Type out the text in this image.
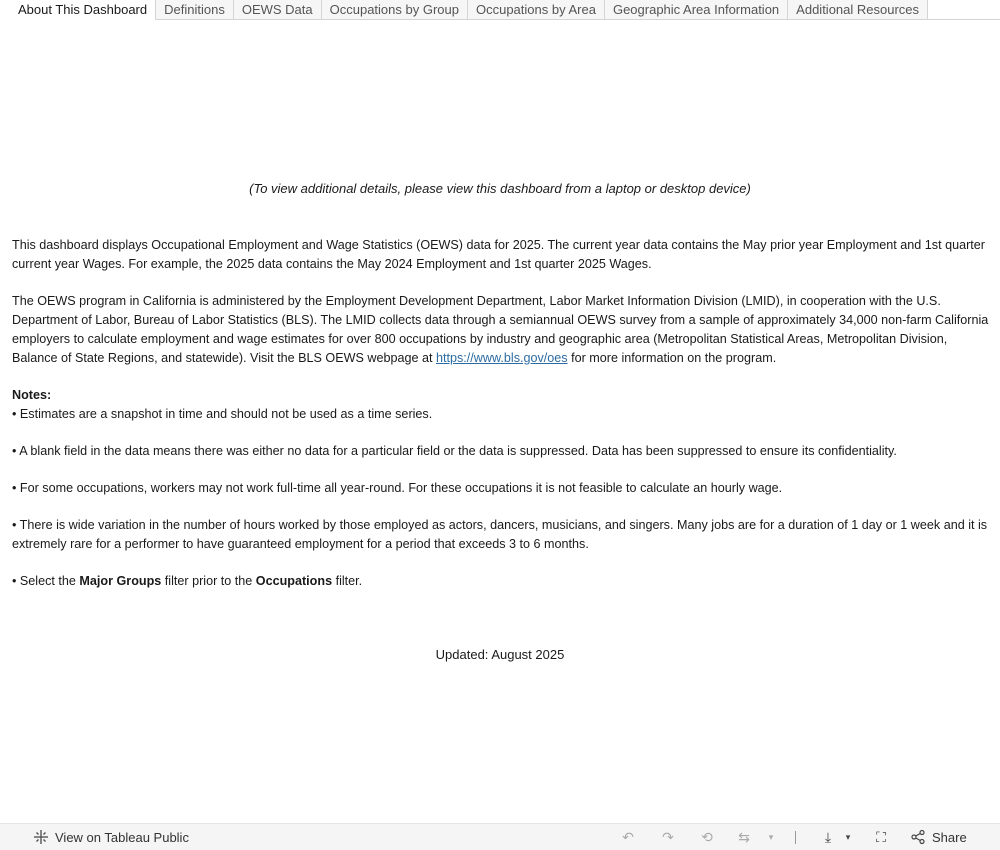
About This Dashboard	Definitions	OEWS Data	Occupations by Group	Occupations by Area	Geographic Area Information	Additional Resources
(To view additional details, please view this dashboard from a laptop or desktop device)

This dashboard displays Occupational Employment and Wage Statistics (OEWS) data for 2025. The current year data contains the May prior year Employment and 1st quarter current year Wages. For example, the 2025 data contains the May 2024 Employment and 1st quarter 2025 Wages.

The OEWS program in California is administered by the Employment Development Department, Labor Market Information Division (LMID), in cooperation with the U.S. Department of Labor, Bureau of Labor Statistics (BLS). The LMID collects data through a semiannual OEWS survey from a sample of approximately 34,000 non-farm California employers to calculate employment and wage estimates for over 800 occupations by industry and geographic area (Metropolitan Statistical Areas, Metropolitan Division, Balance of State Regions, and statewide). Visit the BLS OEWS webpage at https://www.bls.gov/oes for more information on the program.

Notes:

• Estimates are a snapshot in time and should not be used as a time series.

• A blank field in the data means there was either no data for a particular field or the data is suppressed. Data has been suppressed to ensure its confidentiality.

• For some occupations, workers may not work full-time all year-round. For these occupations it is not feasible to calculate an hourly wage.

• There is wide variation in the number of hours worked by those employed as actors, dancers, musicians, and singers. Many jobs are for a duration of 1 day or 1 week and it is extremely rare for a performer to have guaranteed employment for a period that exceeds 3 to 6 months.

• Select the Major Groups filter prior to the Occupations filter.

Updated: August 2025
View on Tableau Public	↶ ↷ ⟲ ⇆	▾	⤓	▾	⛶	Share
